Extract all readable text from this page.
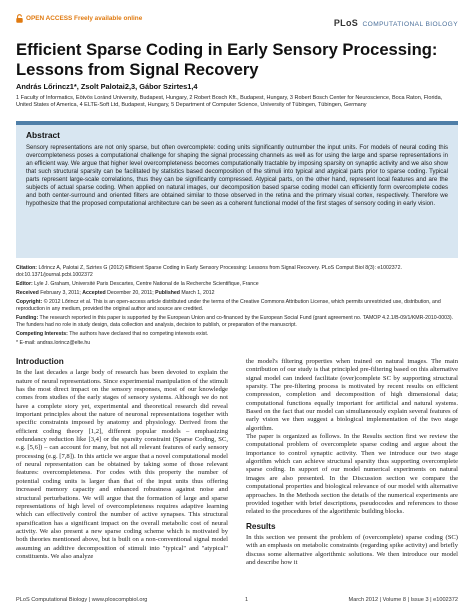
OPEN ACCESS Freely available online	PLoS COMPUTATIONAL BIOLOGY
Efficient Sparse Coding in Early Sensory Processing: Lessons from Signal Recovery
András Lőrincz1*, Zsolt Palotai2,3, Gábor Szirtes1,4
1 Faculty of Informatics, Eötvös Loránd University, Budapest, Hungary, 2 Robert Bosch Kft., Budapest, Hungary, 3 Robert Bosch Center for Neuroscience, Boca Raton, Florida, United States of America, 4 ELTE-Soft Ltd, Budapest, Hungary, 5 Department of Computer Science, University of Tübingen, Tübingen, Germany
Abstract
Sensory representations are not only sparse, but often overcomplete: coding units significantly outnumber the input units. For models of neural coding this overcompleteness poses a computational challenge for shaping the signal processing channels as well as for using the large and sparse representations in an efficient way. We argue that higher level overcompleteness becomes computationally tractable by imposing sparsity on synaptic activity and we also show that such structural sparsity can be facilitated by statistics based decomposition of the stimuli into typical and atypical parts prior to sparse coding. Typical parts represent large-scale correlations, thus they can be significantly compressed. Atypical parts, on the other hand, represent local features and are the subjects of actual sparse coding. When applied on natural images, our decomposition based sparse coding model can efficiently form overcomplete codes and both center-surround and oriented filters are obtained similar to those observed in the retina and the primary visual cortex, respectively. Therefore we hypothesize that the proposed computational architecture can be seen as a coherent functional model of the first stages of sensory coding in early vision.

Citation: Lőrincz A, Palotai Z, Szirtes G (2012) Efficient Sparse Coding in Early Sensory Processing: Lessons from Signal Recovery. PLoS Comput Biol 8(3): e1002372. doi:10.1371/journal.pcbi.1002372

Editor: Lyle J. Graham, Université Paris Descartes, Centre National de la Recherche Scientifique, France

Received February 3, 2011; Accepted December 20, 2011; Published March 1, 2012

Copyright: © 2012 Lőrincz et al. This is an open-access article distributed under the terms of the Creative Commons Attribution License, which permits unrestricted use, distribution, and reproduction in any medium, provided the original author and source are credited.

Funding: The research reported in this paper is supported by the European Union and co-financed by the European Social Fund (grant agreement no. TAMOP 4.2.1/B-09/1/KMR-2010-0003). The funders had no role in study design, data collection and analysis, decision to publish, or preparation of the manuscript.

Competing Interests: The authors have declared that no competing interests exist.

* E-mail: andras.lorincz@elte.hu

Introduction

In the last decades a large body of research has been devoted to explain the nature of neural representations. Since experimental manipulation of the stimuli has the most direct impact on the sensory responses, most of our knowledge comes from studies of the early stages of sensory systems. Although we do not have a complete story yet, experimental and theoretical research did reveal important principles about the nature of neuronal representations together with specific constraints imposed by anatomy and physiology. Derived from the efficient coding theory [1,2], different popular models – emphasizing redundancy reduction like [3,4] or the sparsity constraint (Sparse Coding, SC, e.g. [5,6]) – can account for many, but not all relevant features of early sensory processing (e.g. [7,8]). In this article we argue that a novel computational model of neural representation can be obtained by taking some of those relevant features: overcompleteness. For codes with this property the number of potential coding units is larger than that of the input units thus offering increased memory capacity and enhanced robustness against noise and structural perturbations. We will argue that the formation of large and sparse representations of high level of overcompleteness requires adaptive learning which can effectively control the number of active synapses. This structural sparsification has a significant impact on the overall metabolic cost of neural activity. We also present a new sparse coding scheme which is motivated by both theories mentioned above, but is built on a non-conventional signal model assuming an additive decomposition of stimuli into "typical" and "atypical" constituents. We also analyze

the model's filtering properties when trained on natural images. The main contribution of our study is that principled pre-filtering based on this alternative signal model can indeed facilitate (over)complete SC by supporting structural sparsity. The pre-filtering process is motivated by recent results on efficient compression, completion and decomposition of high dimensional data; computational functions equally important for artificial and natural systems. Based on the fact that our model can simultaneously explain several features of early vision we then suggest a biological implementation of the two stage algorithm.

The paper is organized as follows. In the Results section first we review the computational problem of overcomplete sparse coding and argue about the importance to control synaptic activity. Then we introduce our two stage algorithm which can achieve structural sparsity thus supporting overcomplete sparse coding. In support of our model numerical experiments on natural images are also presented. In the Discussion section we compare the computational properties and biological relevance of our model with alternative approaches. In the Methods section the details of the numerical experiments are provided together with brief descriptions, pseudocodes and references to those related to the procedures of the algorithmic building blocks.

Results

In this section we present the problem of (overcomplete) sparse coding (SC) with an emphasis on metabolic constraints (regarding spike activity) and briefly discuss some alternative algorithmic solutions. We then introduce our model and describe how it

PLoS Computational Biology | www.ploscompbiol.org	1	March 2012 | Volume 8 | Issue 3 | e1002372
